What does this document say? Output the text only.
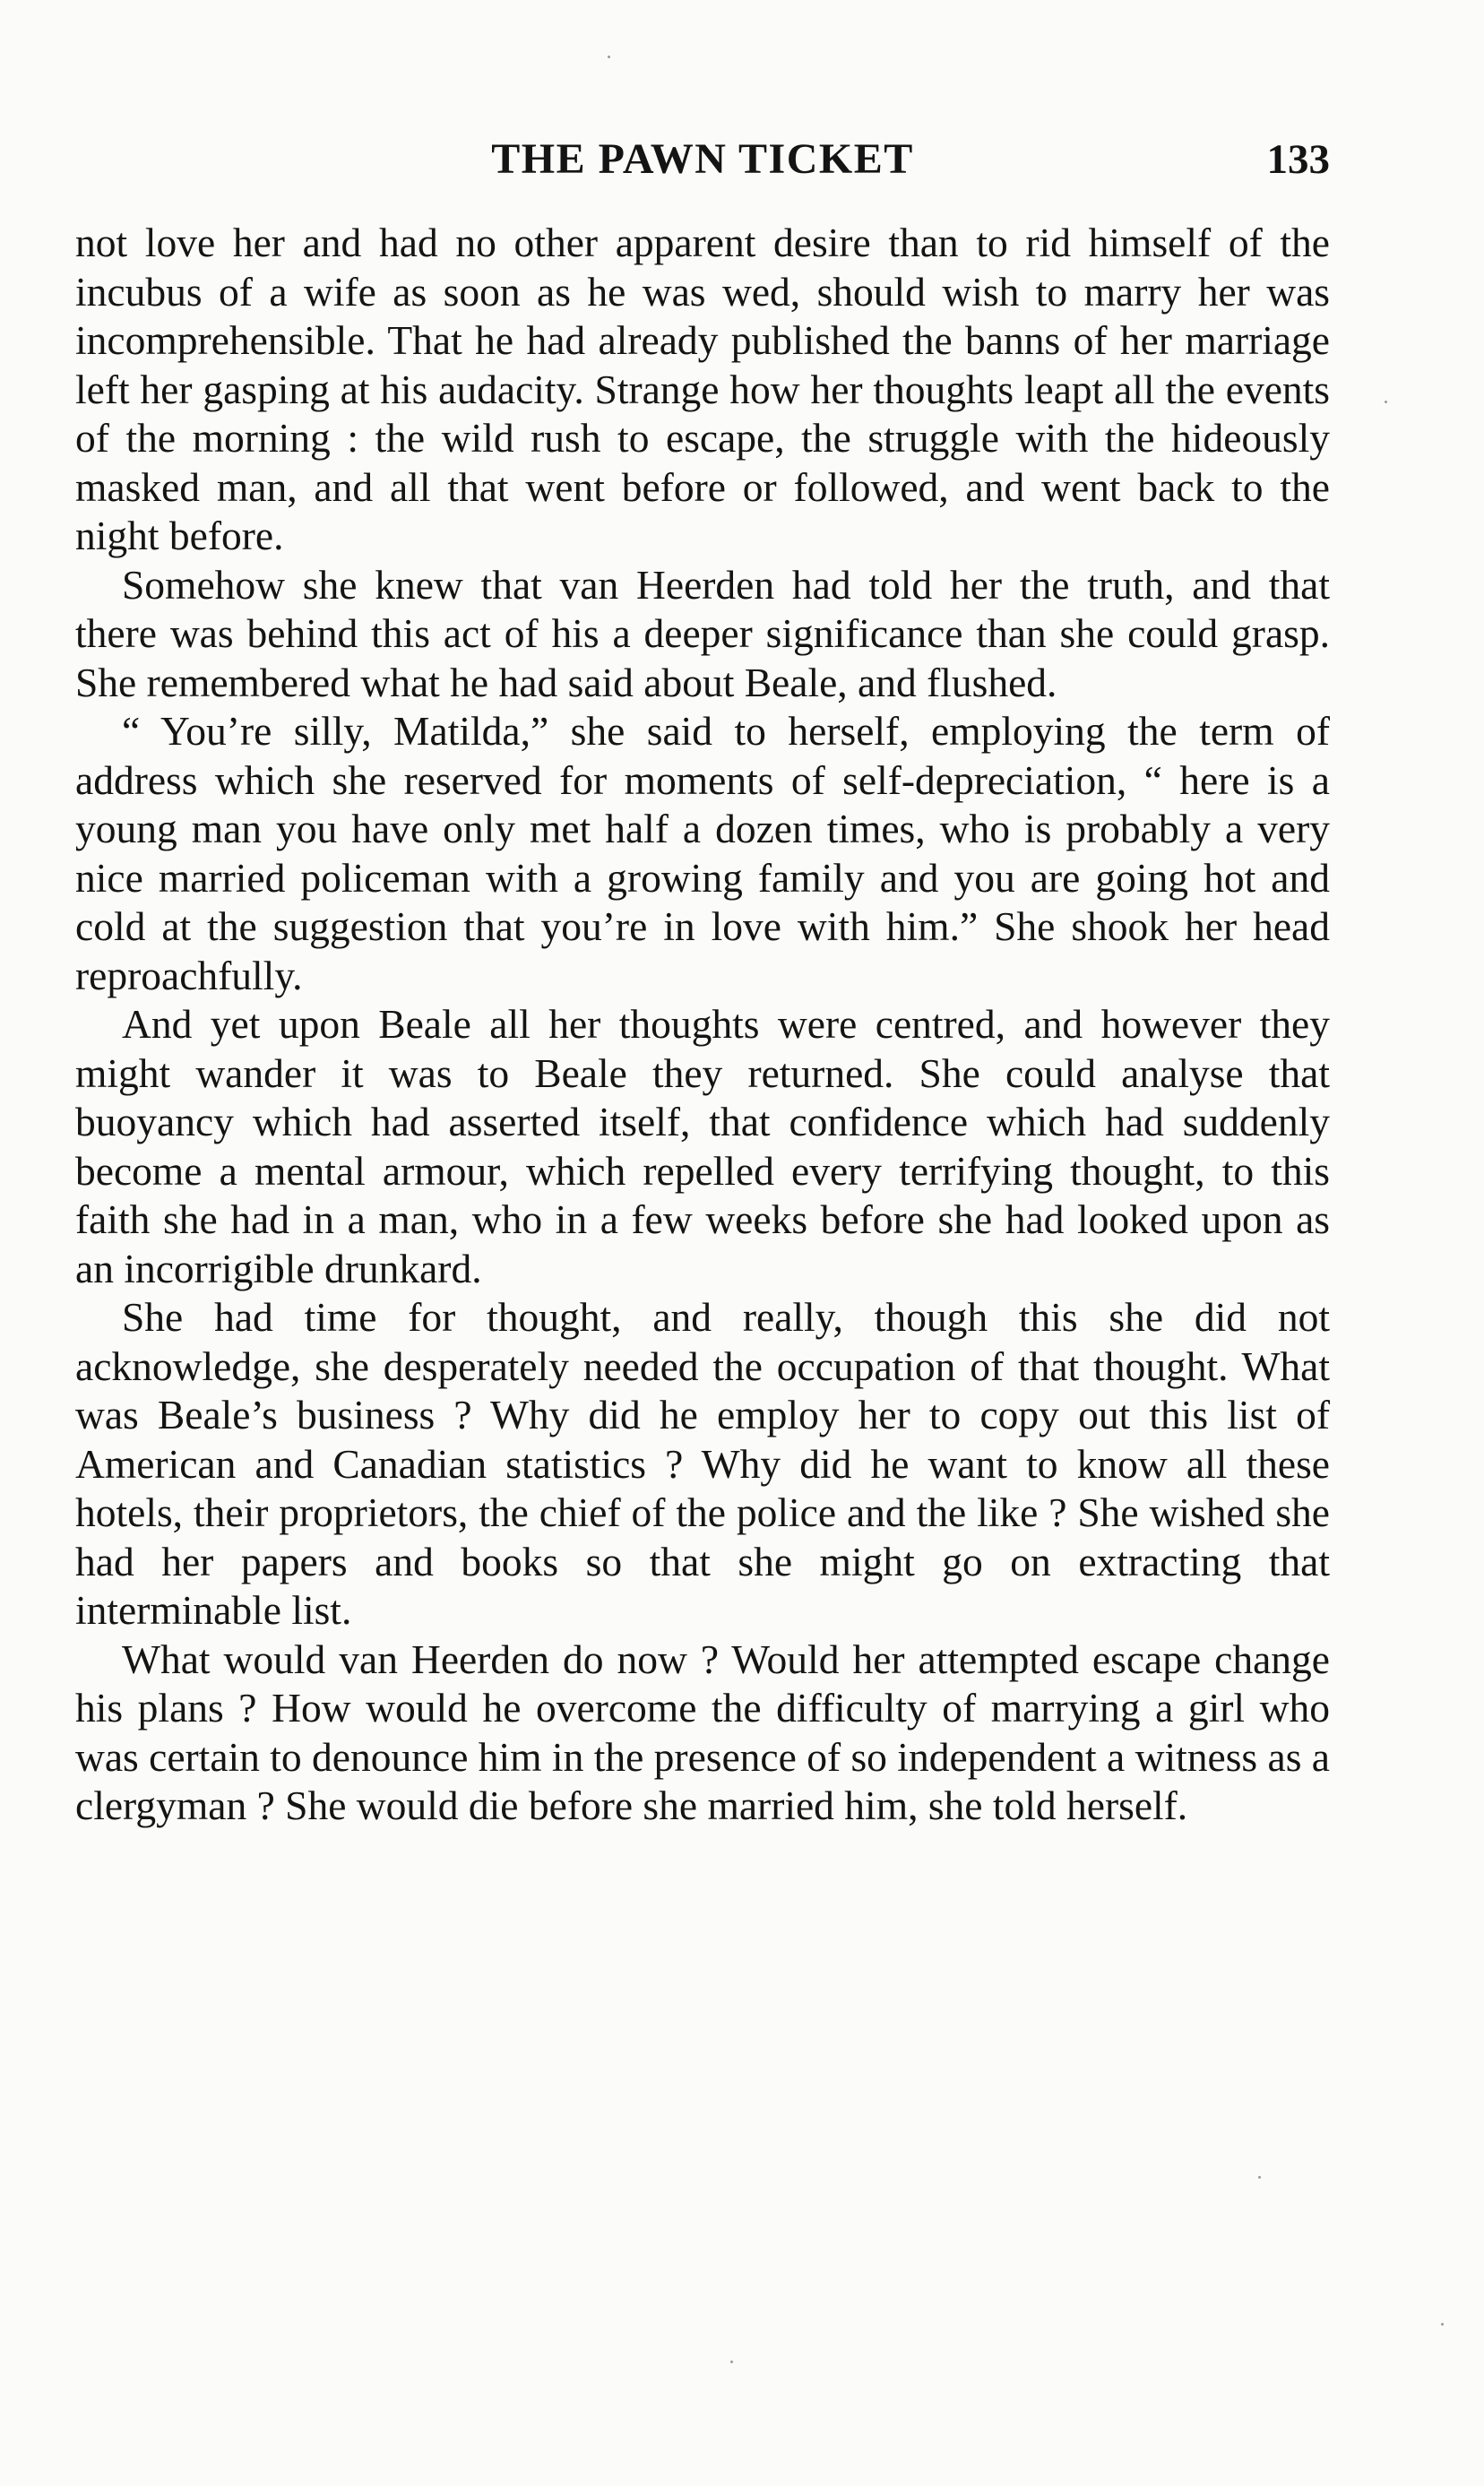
THE PAWN TICKET	133

not love her and had no other apparent desire than to rid himself of the incubus of a wife as soon as he was wed, should wish to marry her was incomprehensible. That he had already published the banns of her marriage left her gasping at his audacity. Strange how her thoughts leapt all the events of the morning : the wild rush to escape, the struggle with the hideously masked man, and all that went before or followed, and went back to the night before.

Somehow she knew that van Heerden had told her the truth, and that there was behind this act of his a deeper significance than she could grasp. She remembered what he had said about Beale, and flushed.

“ You’re silly, Matilda,” she said to herself, employing the term of address which she reserved for moments of self-depreciation, “ here is a young man you have only met half a dozen times, who is probably a very nice married policeman with a growing family and you are going hot and cold at the suggestion that you’re in love with him.” She shook her head reproachfully.

And yet upon Beale all her thoughts were centred, and however they might wander it was to Beale they returned. She could analyse that buoyancy which had asserted itself, that confidence which had suddenly become a mental armour, which repelled every terrifying thought, to this faith she had in a man, who in a few weeks before she had looked upon as an incorrigible drunkard.

She had time for thought, and really, though this she did not acknowledge, she desperately needed the occupation of that thought. What was Beale’s business ? Why did he employ her to copy out this list of American and Canadian statistics ? Why did he want to know all these hotels, their proprietors, the chief of the police and the like ? She wished she had her papers and books so that she might go on extracting that interminable list.

What would van Heerden do now ? Would her attempted escape change his plans ? How would he overcome the difficulty of marrying a girl who was certain to denounce him in the presence of so independent a witness as a clergyman ? She would die before she married him, she told herself.
